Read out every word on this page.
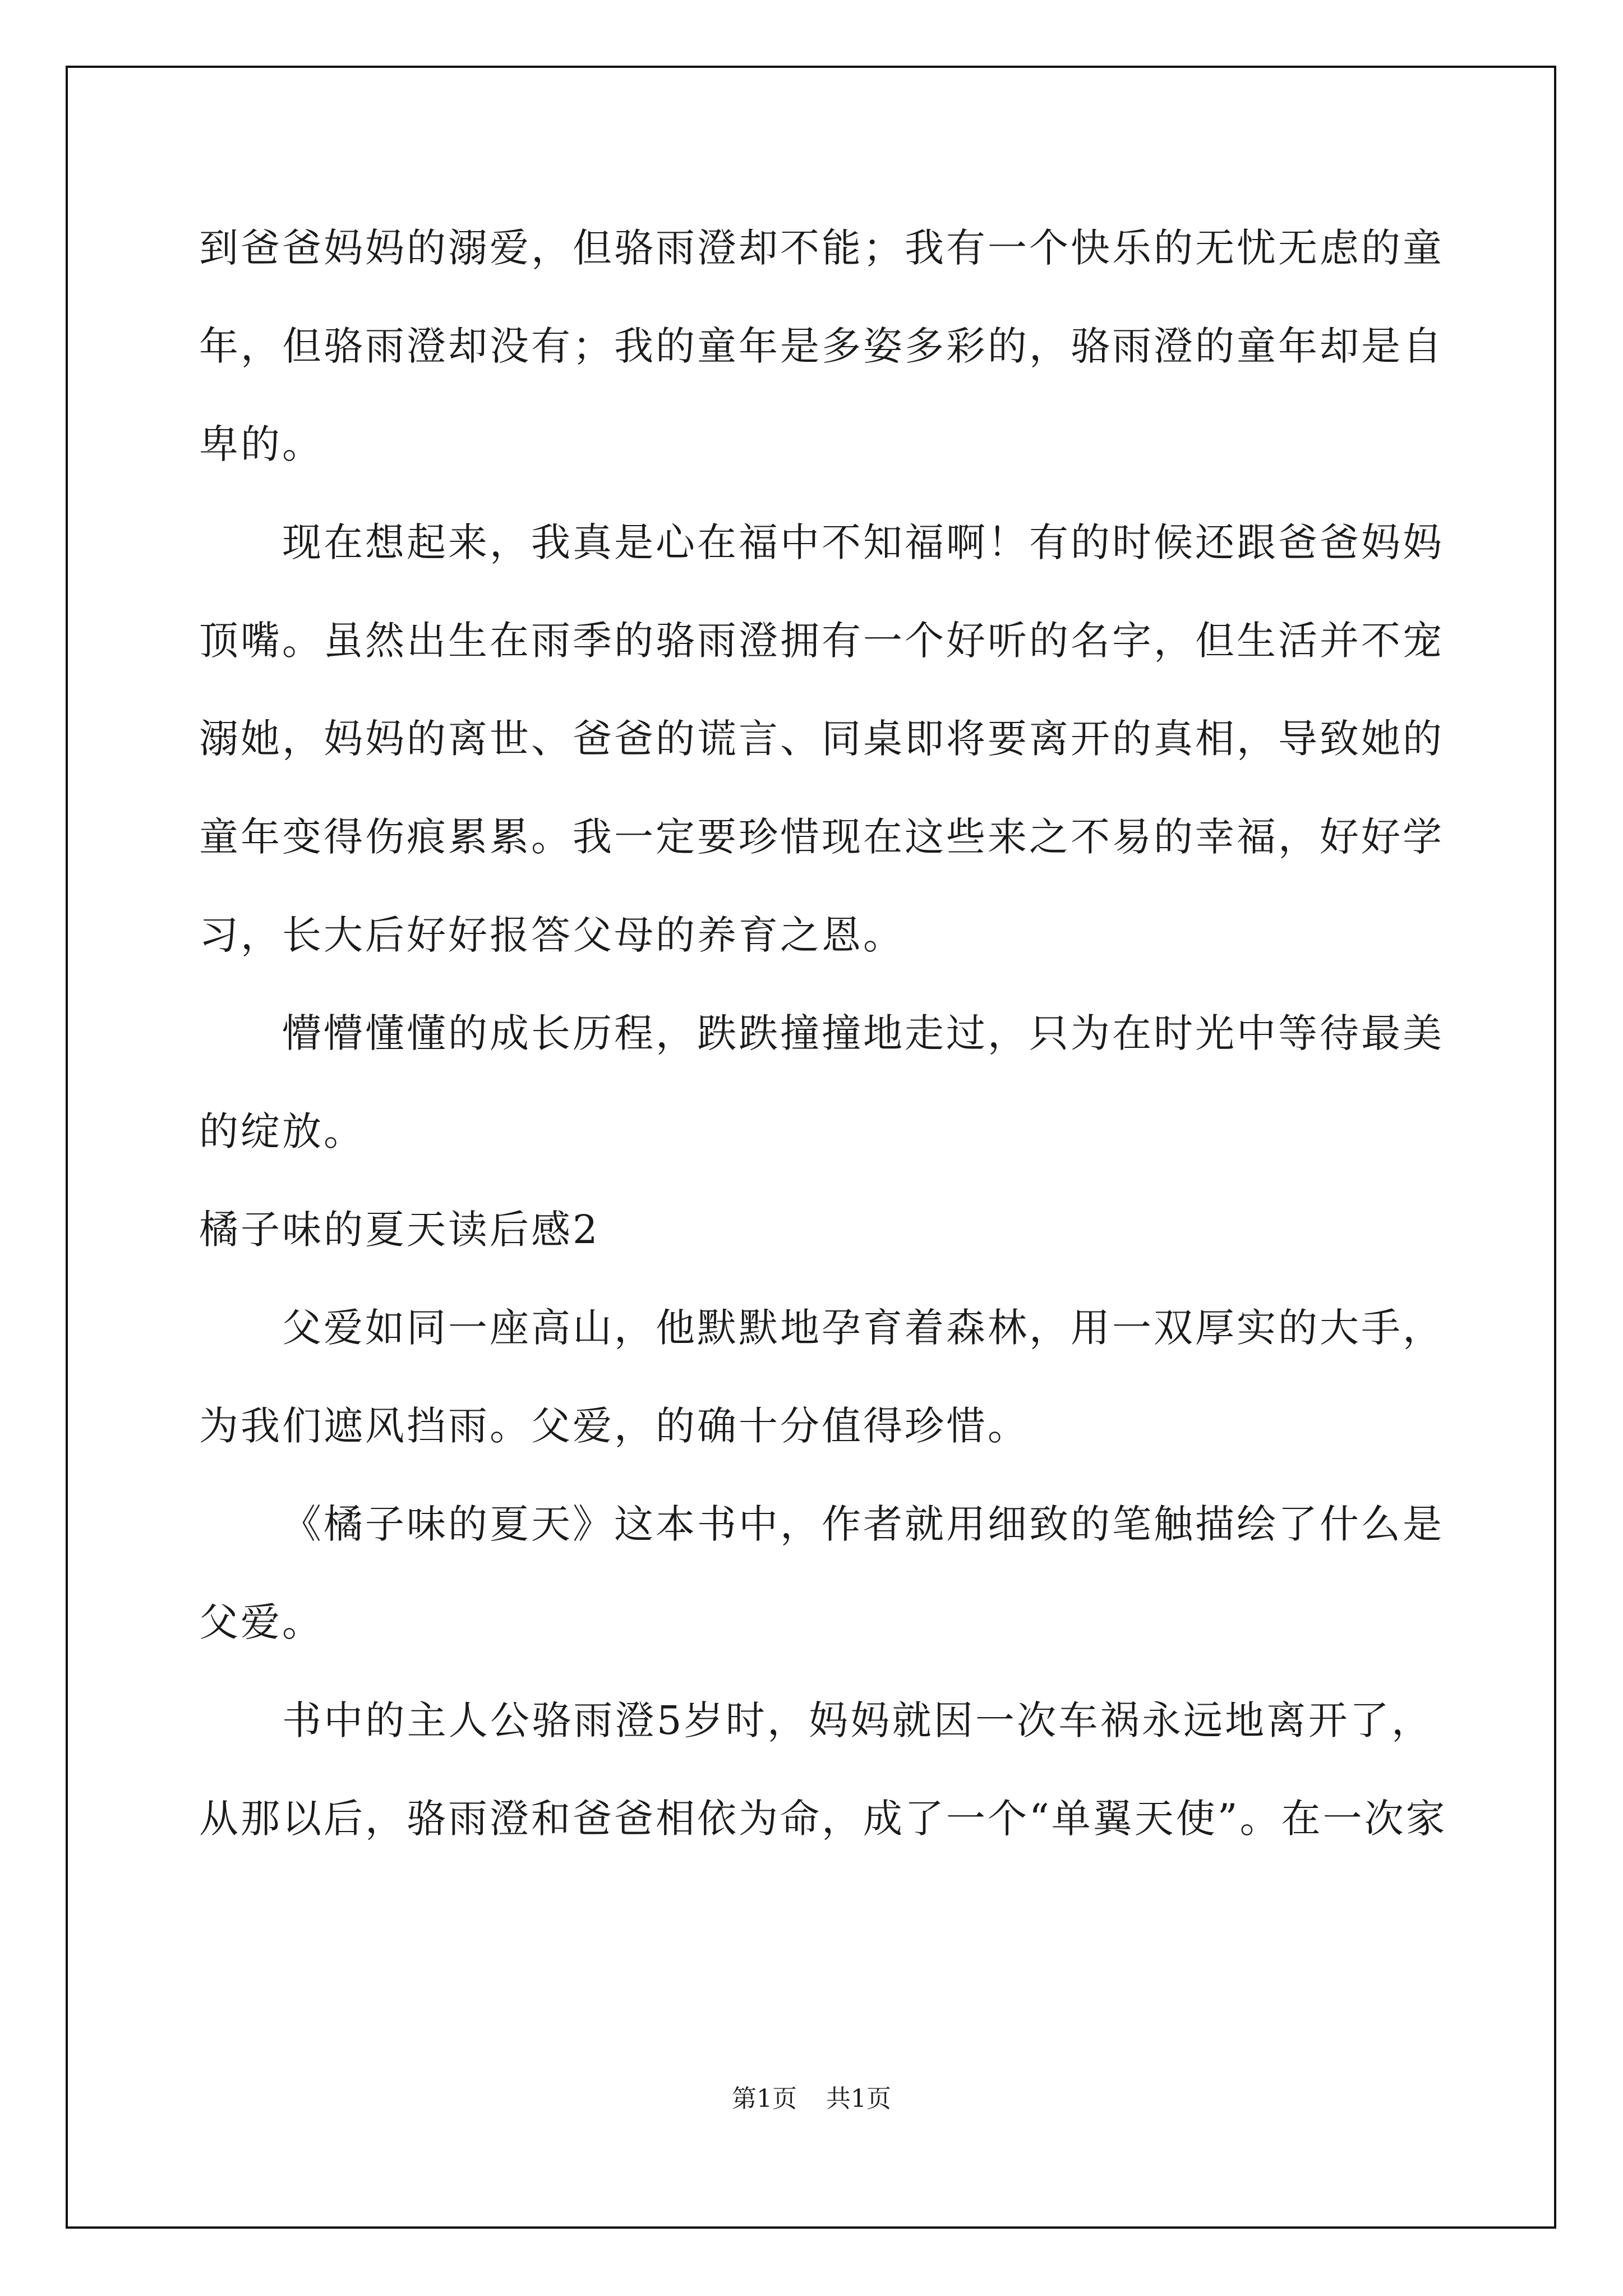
到爸爸妈妈的溺爱，但骆雨澄却不能；我有一个快乐的无忧无虑的童
年，但骆雨澄却没有；我的童年是多姿多彩的，骆雨澄的童年却是自
卑的。
现在想起来，我真是心在福中不知福啊！有的时候还跟爸爸妈妈
顶嘴。虽然出生在雨季的骆雨澄拥有一个好听的名字，但生活并不宠
溺她，妈妈的离世、爸爸的谎言、同桌即将要离开的真相，导致她的
童年变得伤痕累累。我一定要珍惜现在这些来之不易的幸福，好好学
习，长大后好好报答父母的养育之恩。
懵懵懂懂的成长历程，跌跌撞撞地走过，只为在时光中等待最美
的绽放。
橘子味的夏天读后感2
父爱如同一座高山，他默默地孕育着森林，用一双厚实的大手，
为我们遮风挡雨。父爱，的确十分值得珍惜。
《橘子味的夏天》这本书中，作者就用细致的笔触描绘了什么是
父爱。
书中的主人公骆雨澄5岁时，妈妈就因一次车祸永远地离开了，
从那以后，骆雨澄和爸爸相依为命，成了一个“单翼天使”。在一次家
第1页 共1页
